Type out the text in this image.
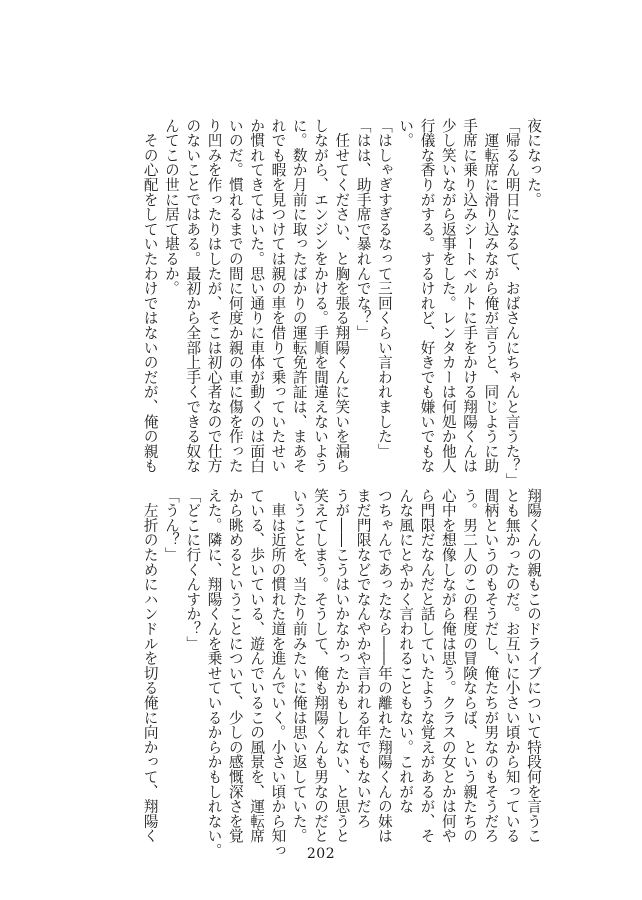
夜になった。
「帰るん明日になるて、おばさんにちゃんと言うた？」
　運転席に滑り込みながら俺が言うと、同じように助
手席に乗り込みシートベルトに手をかける翔陽くんは
少し笑いながら返事をした。レンタカーは何処か他人
行儀な香りがする。するけれど、好きでも嫌いでもな
い。
「はしゃぎすぎるなって三回くらい言われました」
「はは、助手席で暴れんでな？」
　任せてください、と胸を張る翔陽くんに笑いを漏ら
しながら、エンジンをかける。手順を間違えないよう
に。数か月前に取ったばかりの運転免許証は、まあそ
れでも暇を見つけては親の車を借りて乗っていたせい
か慣れてきてはいた。思い通りに車体が動くのは面白
いのだ。慣れるまでの間に何度か親の車に傷を作った
り凹みを作ったりはしたが、そこは初心者なので仕方
のないことではある。最初から全部上手くできる奴な
んてこの世に居て堪るか。
　その心配をしていたわけではないのだが、俺の親も
翔陽くんの親もこのドライブについて特段何を言うこ
とも無かったのだ。お互いに小さい頃から知っている
間柄というのもそうだし、俺たちが男なのもそうだろ
う。男二人のこの程度の冒険ならば、という親たちの
心中を想像しながら俺は思う。クラスの女とかは何や
ら門限だなんだと話していたような覚えがあるが、そ
んな風にとやかく言われることもない。これがな
つちゃんであったなら――年の離れた翔陽くんの妹は
まだ門限などでなんやかや言われる年でもないだろ
うが――こうはいかなかったかもしれない、と思うと
笑えてしまう。そうして、俺も翔陽くんも男なのだと
いうことを、当たり前みたいに俺は思い返していた。
　車は近所の慣れた道を進んでいく。小さい頃から知っ
ている、歩いている、遊んでいるこの風景を、運転席
から眺めるということについて、少しの感慨深さを覚
えた。隣に、翔陽くんを乗せているからかもしれない。
「どこに行くんすか？」
「うん？」
　左折のためにハンドルを切る俺に向かって、翔陽く
202
